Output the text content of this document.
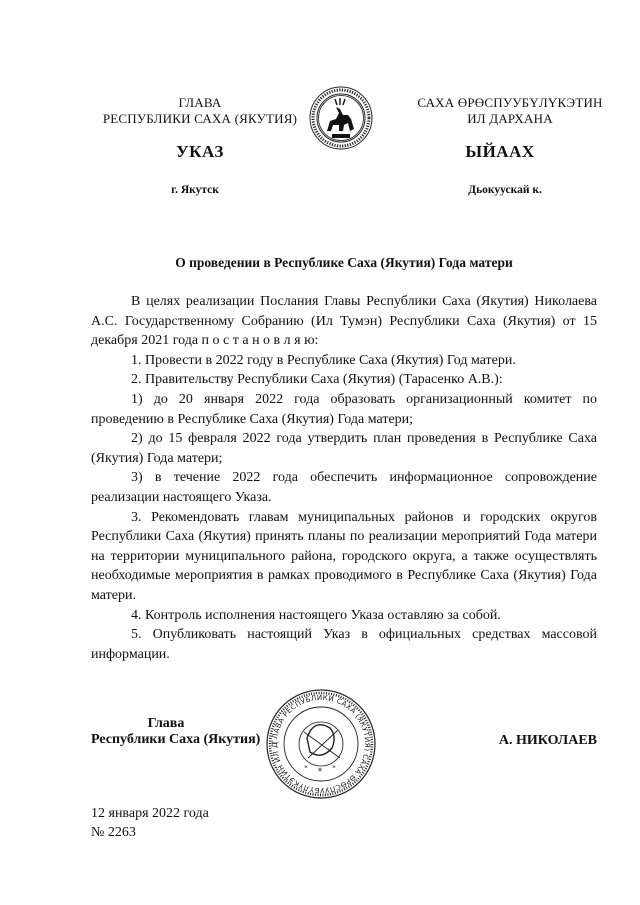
ГЛАВА
РЕСПУБЛИКИ САХА (ЯКУТИЯ)
САХА ӨРӨСПУУБҮЛҮКЭТИН
ИЛ ДАРХАНА
УКАЗ	ЫЙААХ
г. Якутск	Дьокуускай к.
О проведении в Республике Саха (Якутия) Года матери

В целях реализации Послания Главы Республики Саха (Якутия) Николаева А.С. Государственному Собранию (Ил Тумэн) Республики Саха (Якутия) от 15 декабря 2021 года п о с т а н о в л я ю:

1. Провести в 2022 году в Республике Саха (Якутия) Год матери.

2. Правительству Республики Саха (Якутия) (Тарасенко А.В.):

1) до 20 января 2022 года образовать организационный комитет по проведению в Республике Саха (Якутия) Года матери;

2) до 15 февраля 2022 года утвердить план проведения в Республике Саха (Якутия) Года матери;

3) в течение 2022 года обеспечить информационное сопровождение реализации настоящего Указа.

3. Рекомендовать главам муниципальных районов и городских округов Республики Саха (Якутия) принять планы по реализации мероприятий Года матери на территории муниципального района, городского округа, а также осуществлять необходимые мероприятия в рамках проводимого в Республике Саха (Якутия) Года матери.

4. Контроль исполнения настоящего Указа оставляю за собой.

5. Опубликовать настоящий Указ в официальных средствах массовой информации.

Глава
Республики Саха (Якутия)	ГЛАВА РЕСПУБЛИКИ САХА (ЯКУТИЯ) САХА ӨРӨСПУУБҮЛҮКЭТИН ИЛ Д
*
*	*
А. НИКОЛАЕВ
12 января 2022 года
№ 2263
